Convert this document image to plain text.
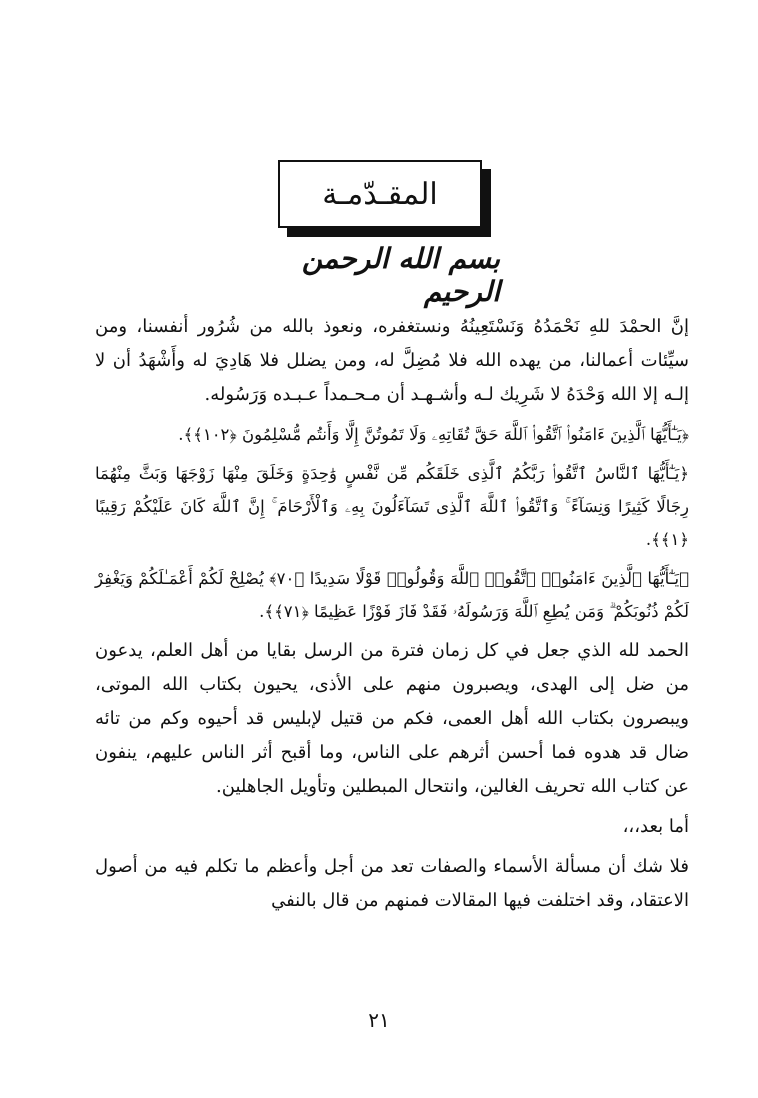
المقـدّمـة
بسم الله الرحمن الرحيم

إنَّ الحمْدَ للهِ نَحْمَدُهُ وَنَسْتَعِينُهُ ونستغفره، ونعوذ بالله من شُرُور أنفسنا، ومن سيِّئات أعمالنا، من يهده الله فلا مُضِلَّ له، ومن يضلل فلا هَادِيَ له وأَشْهَدُ أن لا إلـه إلا الله وَحْدَهُ لا شَرِيك لـه وأشـهـد أن مـحـمداً عـبـده وَرَسُوله.

﴿يَـٰٓأَيُّهَا ٱلَّذِينَ ءَامَنُوا۟ ٱتَّقُوا۟ ٱللَّهَ حَقَّ تُقَاتِهِۦ وَلَا تَمُوتُنَّ إِلَّا وَأَنتُم مُّسْلِمُونَ ﴿١٠٢﴾﴾.

﴿يَـٰٓأَيُّهَا ٱلنَّاسُ ٱتَّقُوا۟ رَبَّكُمُ ٱلَّذِى خَلَقَكُم مِّن نَّفْسٍ وَٰحِدَةٍ وَخَلَقَ مِنْهَا زَوْجَهَا وَبَثَّ مِنْهُمَا رِجَالًا كَثِيرًا وَنِسَآءً ۚ وَٱتَّقُوا۟ ٱللَّهَ ٱلَّذِى تَسَآءَلُونَ بِهِۦ وَٱلْأَرْحَامَ ۚ إِنَّ ٱللَّهَ كَانَ عَلَيْكُمْ رَقِيبًا ﴿١﴾﴾.

﴿يَـٰٓأَيُّهَا ٱلَّذِينَ ءَامَنُوا۟ ٱتَّقُوا۟ ٱللَّهَ وَقُولُوا۟ قَوْلًا سَدِيدًا ﴿٧٠﴾ يُصْلِحْ لَكُمْ أَعْمَـٰلَكُمْ وَيَغْفِرْ لَكُمْ ذُنُوبَكُمْ ۗ وَمَن يُطِعِ ٱللَّهَ وَرَسُولَهُۥ فَقَدْ فَازَ فَوْزًا عَظِيمًا ﴿٧١﴾﴾.

الحمد لله الذي جعل في كل زمان فترة من الرسل بقايا من أهل العلم، يدعون من ضل إلى الهدى، ويصبرون منهم على الأذى، يحيون بكتاب الله الموتى، ويبصرون بكتاب الله أهل العمى، فكم من قتيل لإبليس قد أحيوه وكم من تائه ضال قد هدوه فما أحسن أثرهم على الناس، وما أقبح أثر الناس عليهم، ينفون عن كتاب الله تحريف الغالين، وانتحال المبطلين وتأويل الجاهلين.

أما بعد،،،

فلا شك أن مسألة الأسماء والصفات تعد من أجل وأعظم ما تكلم فيه من أصول الاعتقاد، وقد اختلفت فيها المقالات فمنهم من قال بالنفي

٢١
